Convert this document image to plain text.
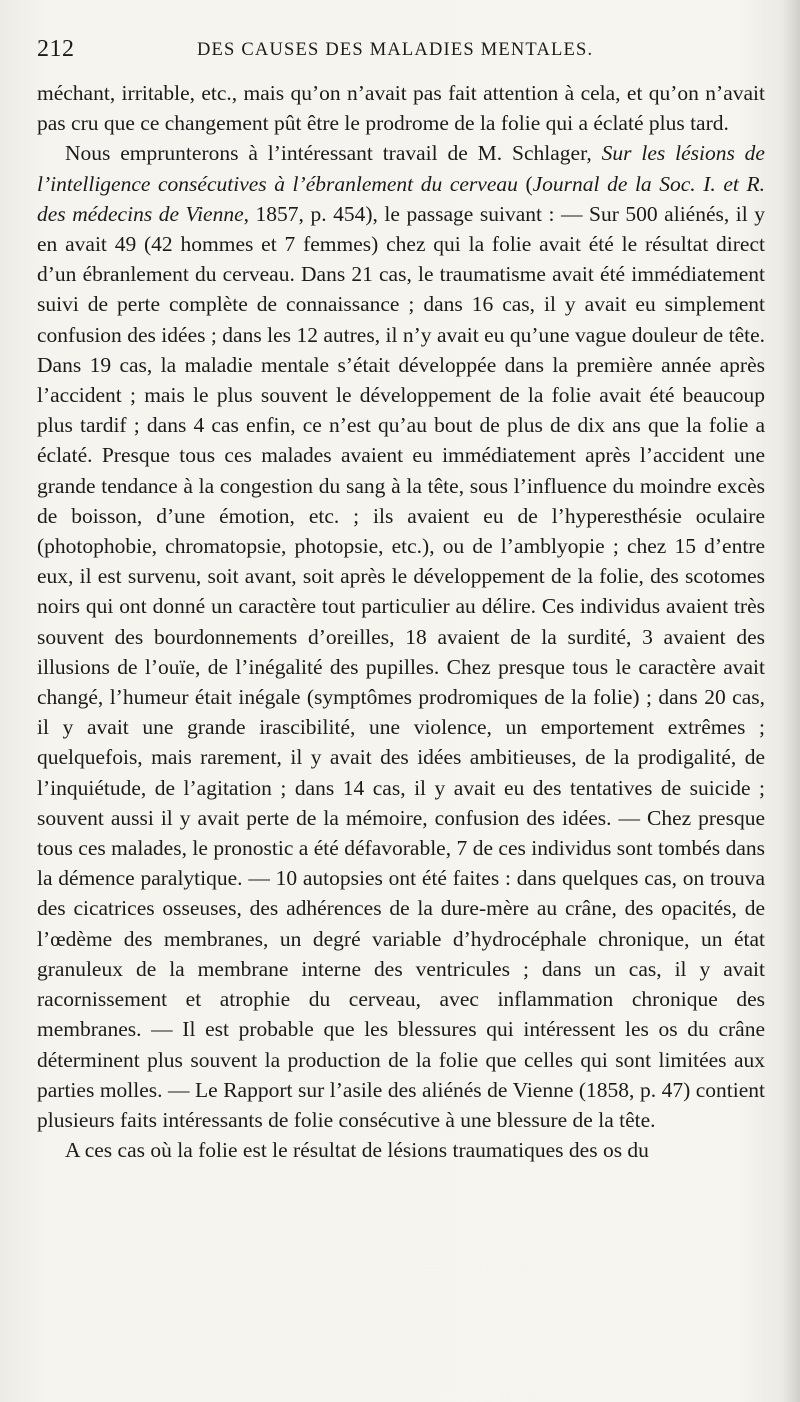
212	DES CAUSES DES MALADIES MENTALES.

méchant, irritable, etc., mais qu’on n’avait pas fait attention à cela, et qu’on n’avait pas cru que ce changement pût être le prodrome de la folie qui a éclaté plus tard.

Nous emprunterons à l’intéressant travail de M. Schlager, Sur les lésions de l’intelligence consécutives à l’ébranlement du cerveau (Journal de la Soc. I. et R. des médecins de Vienne, 1857, p. 454), le passage suivant : — Sur 500 aliénés, il y en avait 49 (42 hommes et 7 femmes) chez qui la folie avait été le résultat direct d’un ébranlement du cerveau. Dans 21 cas, le traumatisme avait été immédiatement suivi de perte complète de connaissance ; dans 16 cas, il y avait eu simplement confusion des idées ; dans les 12 autres, il n’y avait eu qu’une vague douleur de tête. Dans 19 cas, la maladie mentale s’était développée dans la première année après l’accident ; mais le plus souvent le développement de la folie avait été beaucoup plus tardif ; dans 4 cas enfin, ce n’est qu’au bout de plus de dix ans que la folie a éclaté. Presque tous ces malades avaient eu immédiatement après l’accident une grande tendance à la congestion du sang à la tête, sous l’influence du moindre excès de boisson, d’une émotion, etc. ; ils avaient eu de l’hyperesthésie oculaire (photophobie, chromatopsie, photopsie, etc.), ou de l’amblyopie ; chez 15 d’entre eux, il est survenu, soit avant, soit après le développement de la folie, des scotomes noirs qui ont donné un caractère tout particulier au délire. Ces individus avaient très souvent des bourdonnements d’oreilles, 18 avaient de la surdité, 3 avaient des illusions de l’ouïe, de l’inégalité des pupilles. Chez presque tous le caractère avait changé, l’humeur était inégale (symptômes prodromiques de la folie) ; dans 20 cas, il y avait une grande irascibilité, une violence, un emportement extrêmes ; quelquefois, mais rarement, il y avait des idées ambitieuses, de la prodigalité, de l’inquiétude, de l’agitation ; dans 14 cas, il y avait eu des tentatives de suicide ; souvent aussi il y avait perte de la mémoire, confusion des idées. — Chez presque tous ces malades, le pronostic a été défavorable, 7 de ces individus sont tombés dans la démence paralytique. — 10 autopsies ont été faites : dans quelques cas, on trouva des cicatrices osseuses, des adhérences de la dure-mère au crâne, des opacités, de l’œdème des membranes, un degré variable d’hydrocéphale chronique, un état granuleux de la membrane interne des ventricules ; dans un cas, il y avait racornissement et atrophie du cerveau, avec inflammation chronique des membranes. — Il est probable que les blessures qui intéressent les os du crâne déterminent plus souvent la production de la folie que celles qui sont limitées aux parties molles. — Le Rapport sur l’asile des aliénés de Vienne (1858, p. 47) contient plusieurs faits intéressants de folie consécutive à une blessure de la tête.

A ces cas où la folie est le résultat de lésions traumatiques des os du
